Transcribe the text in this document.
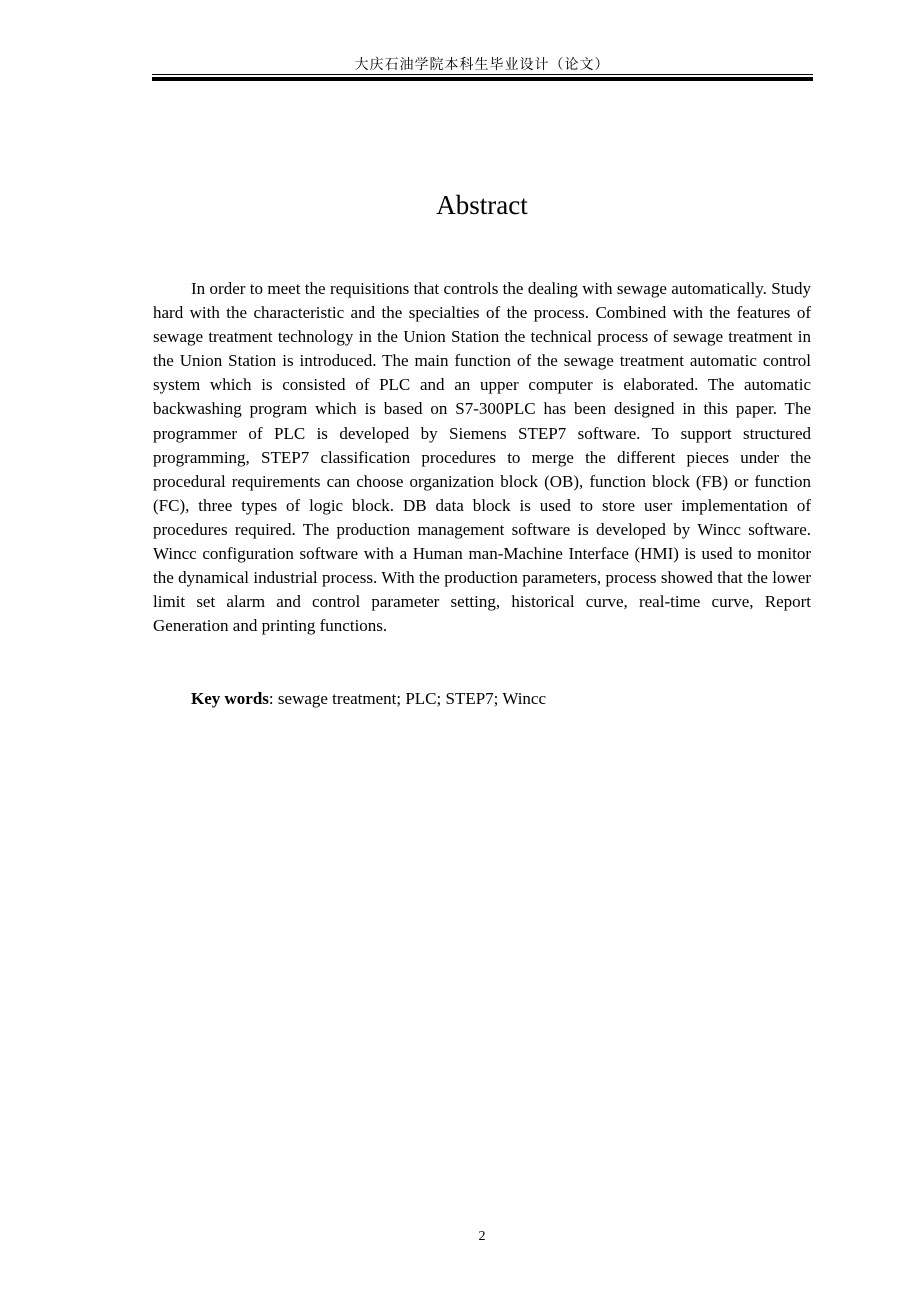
大庆石油学院本科生毕业设计（论文）
Abstract

In order to meet the requisitions that controls the dealing with sewage automatically. Study hard with the characteristic and the specialties of the process. Combined with the features of sewage treatment technology in the Union Station the technical process of sewage treatment in the Union Station is introduced. The main function of the sewage treatment automatic control system which is consisted of PLC and an upper computer is elaborated. The automatic backwashing program which is based on S7-300PLC has been designed in this paper. The programmer of PLC is developed by Siemens STEP7 software. To support structured programming, STEP7 classification procedures to merge the different pieces under the procedural requirements can choose organization block (OB), function block (FB) or function (FC), three types of logic block. DB data block is used to store user implementation of procedures required. The production management software is developed by Wincc software. Wincc configuration software with a Human man-Machine Interface (HMI) is used to monitor the dynamical industrial process. With the production parameters, process showed that the lower limit set alarm and control parameter setting, historical curve, real-time curve, Report Generation and printing functions.

Key words: sewage treatment; PLC; STEP7; Wincc

2
